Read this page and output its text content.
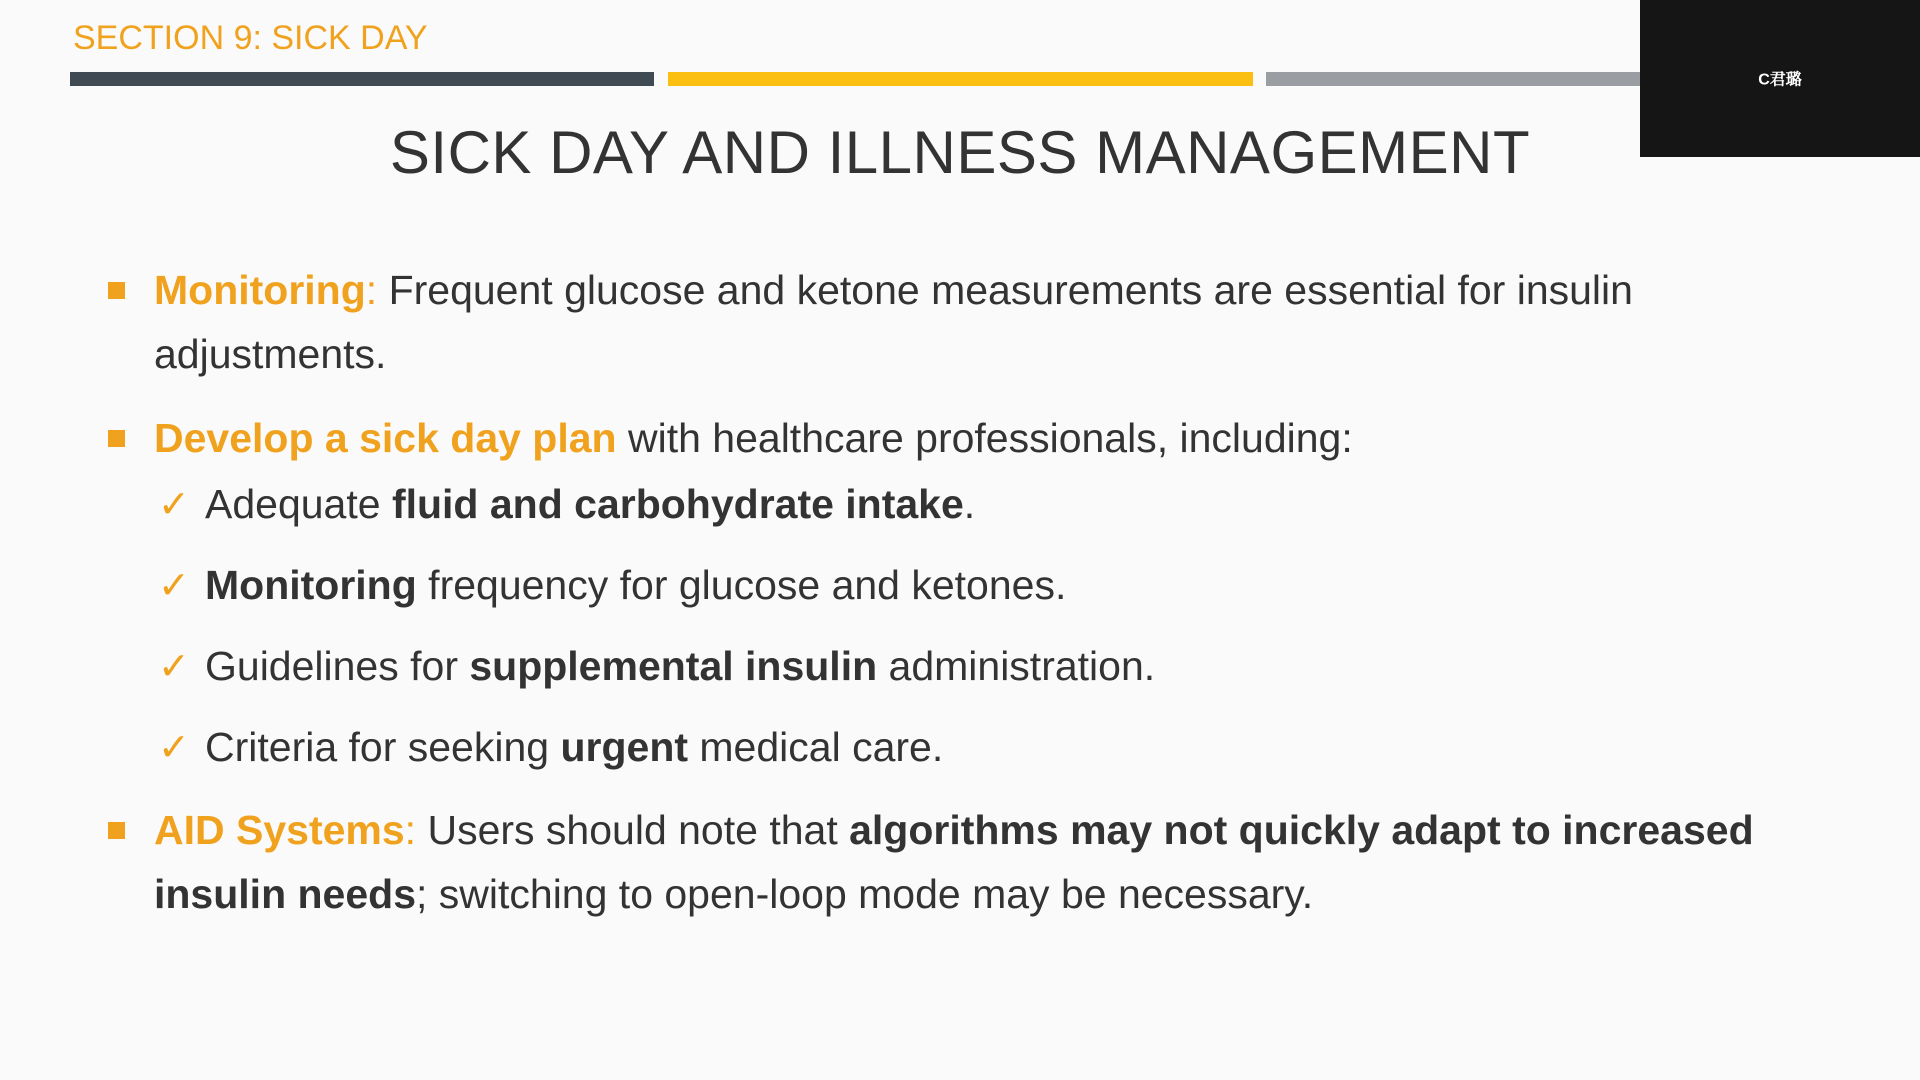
SECTION 9: SICK DAY
C君璐
SICK DAY AND ILLNESS MANAGEMENT
Monitoring: Frequent glucose and ketone measurements are essential for insulin adjustments.
Develop a sick day plan with healthcare professionals, including:
✓ Adequate fluid and carbohydrate intake.
✓ Monitoring frequency for glucose and ketones.
✓ Guidelines for supplemental insulin administration.
✓ Criteria for seeking urgent medical care.
AID Systems: Users should note that algorithms may not quickly adapt to increased insulin needs; switching to open-loop mode may be necessary.
